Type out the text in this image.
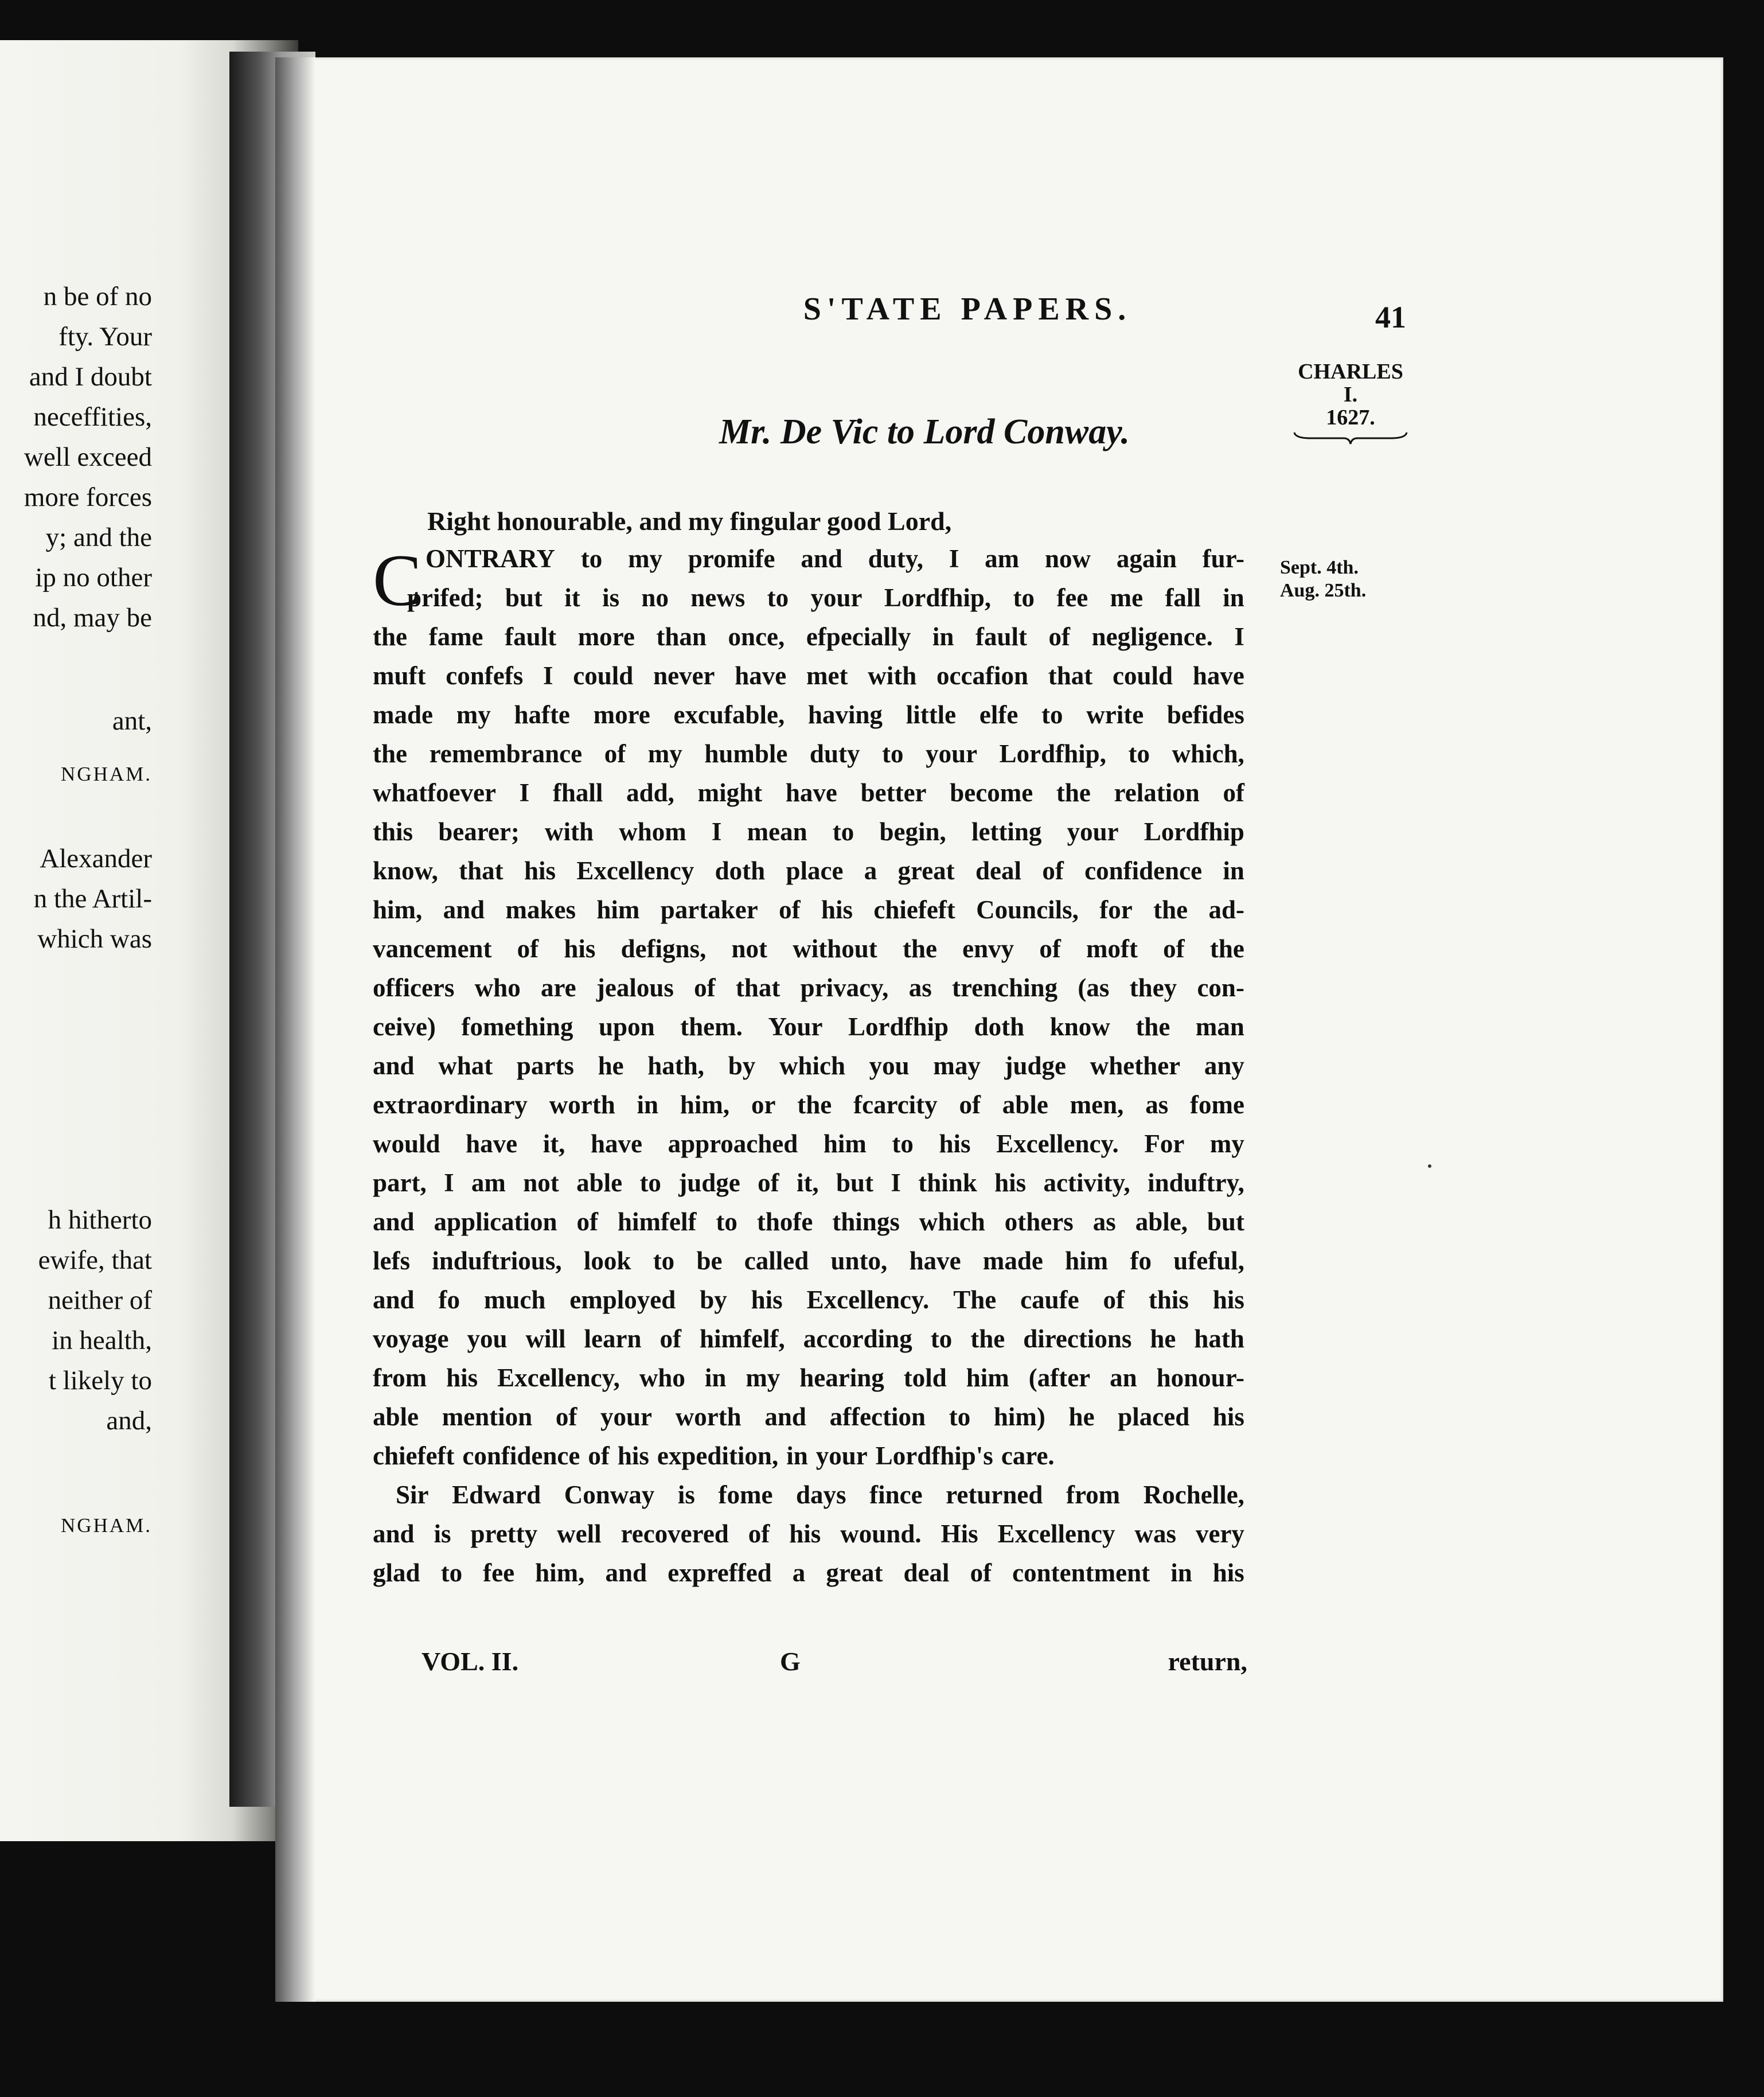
n be of no
fty. Your
and I doubt
neceffities,
well exceed
more forces
y; and the
ip no other
nd, may be
ant,
NGHAM.
Alexander
n the Artil-
which was
h hitherto
ewife, that
neither of
in health,
t likely to
and,
NGHAM.
S'TATE PAPERS.	41
CHARLES
I.
1627.
Mr. De Vic to Lord Conway.
Right honourable, and my fingular good Lord,
Sept. 4th.
Aug. 25th.
C ONTRARY to my promife and duty, I am now again fur-
prifed; but it is no news to your Lordfhip, to fee me fall in
the fame fault more than once, efpecially in fault of negligence. I
muft confefs I could never have met with occafion that could have
made my hafte more excufable, having little elfe to write befides
the remembrance of my humble duty to your Lordfhip, to which,
whatfoever I fhall add, might have better become the relation of
this bearer; with whom I mean to begin, letting your Lordfhip
know, that his Excellency doth place a great deal of confidence in
him, and makes him partaker of his chiefeft Councils, for the ad-
vancement of his defigns, not without the envy of moft of the
officers who are jealous of that privacy, as trenching (as they con-
ceive) fomething upon them. Your Lordfhip doth know the man
and what parts he hath, by which you may judge whether any
extraordinary worth in him, or the fcarcity of able men, as fome
would have it, have approached him to his Excellency. For my
part, I am not able to judge of it, but I think his activity, induftry,
and application of himfelf to thofe things which others as able, but
lefs induftrious, look to be called unto, have made him fo ufeful,
and fo much employed by his Excellency. The caufe of this his
voyage you will learn of himfelf, according to the directions he hath
from his Excellency, who in my hearing told him (after an honour-
able mention of your worth and affection to him) he placed his
chiefeft confidence of his expedition, in your Lordfhip's care.
Sir Edward Conway is fome days fince returned from Rochelle,
and is pretty well recovered of his wound. His Excellency was very
glad to fee him, and expreffed a great deal of contentment in his
VOL. II.	G	return,
